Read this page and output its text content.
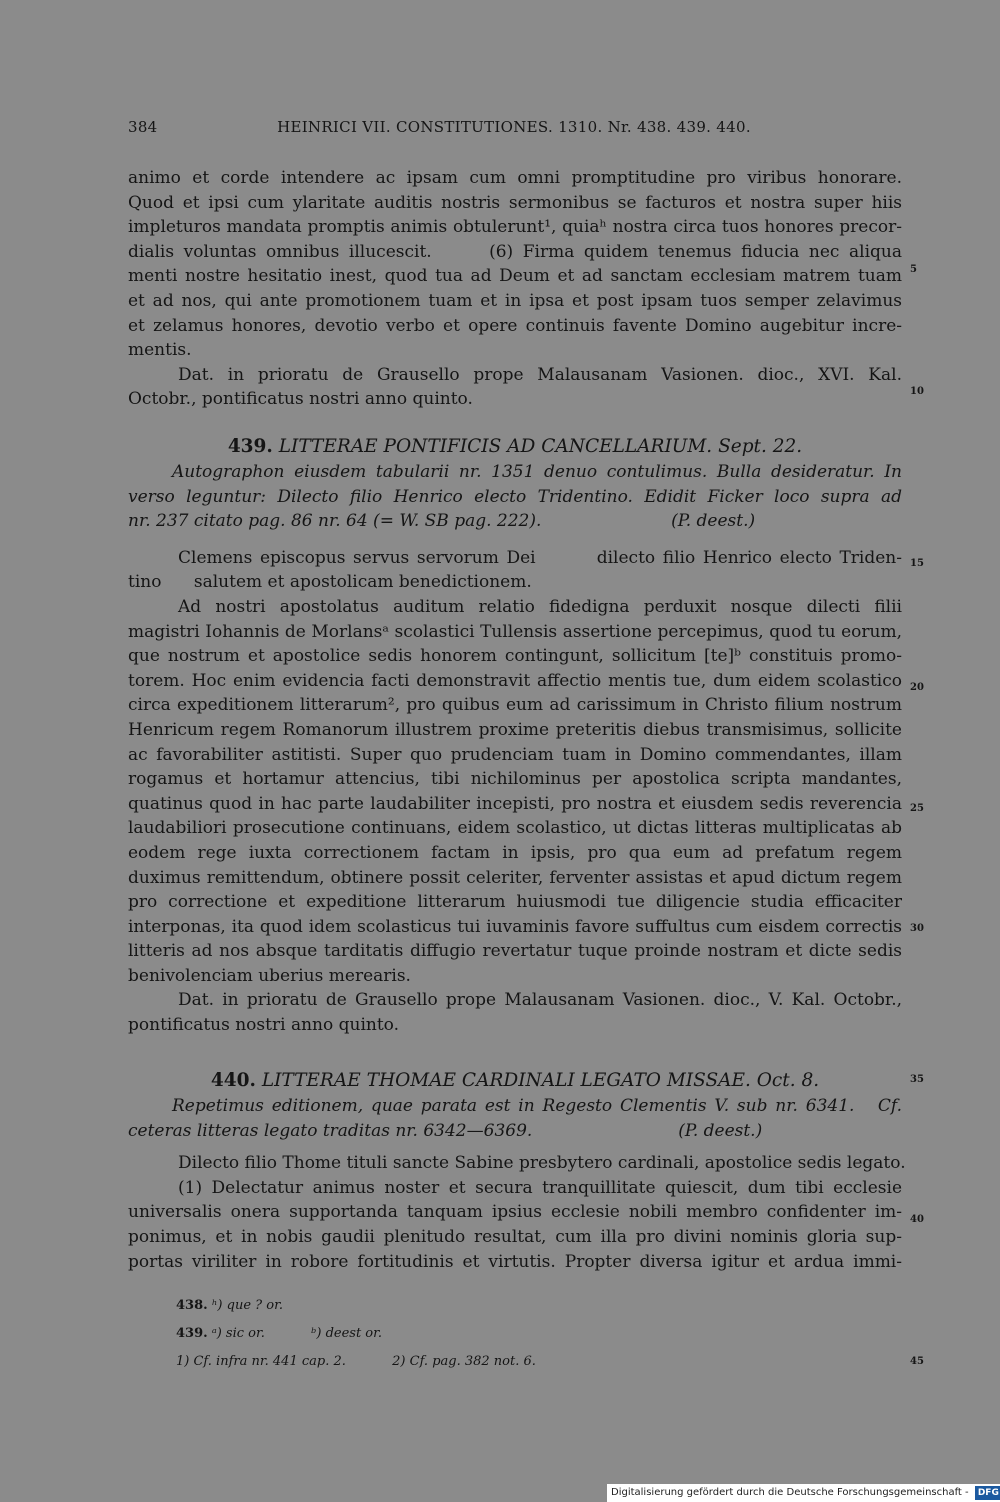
384	HEINRICI VII. CONSTITUTIONES. 1310. Nr. 438. 439. 440.
animo et corde intendere ac ipsam cum omni promptitudine pro viribus honorare.
Quod et ipsi cum ylaritate auditis nostris sermonibus se facturos et nostra super hiis
impleturos mandata promptis animis obtulerunt¹, quiaʰ nostra circa tuos honores precor-
dialis voluntas omnibus illucescit.      (6) Firma quidem tenemus fiducia nec aliqua
menti nostre hesitatio inest, quod tua ad Deum et ad sanctam ecclesiam matrem tuam
et ad nos, qui ante promotionem tuam et in ipsa et post ipsam tuos semper zelavimus
et zelamus honores, devotio verbo et opere continuis favente Domino augebitur incre-
mentis.
Dat. in prioratu de Grausello prope Malausanam Vasionen. dioc., XVI. Kal.
Octobr., pontificatus nostri anno quinto.
439. LITTERAE PONTIFICIS AD CANCELLARIUM. Sept. 22.
Autographon eiusdem tabularii nr. 1351 denuo contulimus. Bulla desideratur. In
verso leguntur: Dilecto filio Henrico electo Tridentino. Edidit Ficker loco supra ad
nr. 237 citato pag. 86 nr. 64 (= W. SB pag. 222).                        (P. deest.)
Clemens episcopus servus servorum Dei        dilecto filio Henrico electo Triden-
tino      salutem et apostolicam benedictionem.
Ad nostri apostolatus auditum relatio fidedigna perduxit nosque dilecti filii
magistri Iohannis de Morlansᵃ scolastici Tullensis assertione percepimus, quod tu eorum,
que nostrum et apostolice sedis honorem contingunt, sollicitum [te]ᵇ constituis promo-
torem. Hoc enim evidencia facti demonstravit affectio mentis tue, dum eidem scolastico
circa expeditionem litterarum², pro quibus eum ad carissimum in Christo filium nostrum
Henricum regem Romanorum illustrem proxime preteritis diebus transmisimus, sollicite
ac favorabiliter astitisti. Super quo prudenciam tuam in Domino commendantes, illam
rogamus et hortamur attencius, tibi nichilominus per apostolica scripta mandantes,
quatinus quod in hac parte laudabiliter incepisti, pro nostra et eiusdem sedis reverencia
laudabiliori prosecutione continuans, eidem scolastico, ut dictas litteras multiplicatas ab
eodem rege iuxta correctionem factam in ipsis, pro qua eum ad prefatum regem
duximus remittendum, obtinere possit celeriter, ferventer assistas et apud dictum regem
pro correctione et expeditione litterarum huiusmodi tue diligencie studia efficaciter
interponas, ita quod idem scolasticus tui iuvaminis favore suffultus cum eisdem correctis
litteris ad nos absque tarditatis diffugio revertatur tuque proinde nostram et dicte sedis
benivolenciam uberius merearis.
Dat. in prioratu de Grausello prope Malausanam Vasionen. dioc., V. Kal. Octobr.,
pontificatus nostri anno quinto.
440. LITTERAE THOMAE CARDINALI LEGATO MISSAE. Oct. 8.
Repetimus editionem, quae parata est in Regesto Clementis V. sub nr. 6341.   Cf.
ceteras litteras legato traditas nr. 6342—6369.                           (P. deest.)
Dilecto filio Thome tituli sancte Sabine presbytero cardinali, apostolice sedis legato.
(1) Delectatur animus noster et secura tranquillitate quiescit, dum tibi ecclesie
universalis onera supportanda tanquam ipsius ecclesie nobili membro confidenter im-
ponimus, et in nobis gaudii plenitudo resultat, cum illa pro divini nominis gloria sup-
portas viriliter in robore fortitudinis et virtutis. Propter diversa igitur et ardua immi-
438. ʰ) que ? or.
439. ᵃ) sic or.	ᵇ) deest or.
1) Cf. infra nr. 441 cap. 2.	2) Cf. pag. 382 not. 6.
5
10
15
20
25
30
35
40
45
Digitalisierung gefördert durch die Deutsche Forschungsgemeinschaft - DFG
